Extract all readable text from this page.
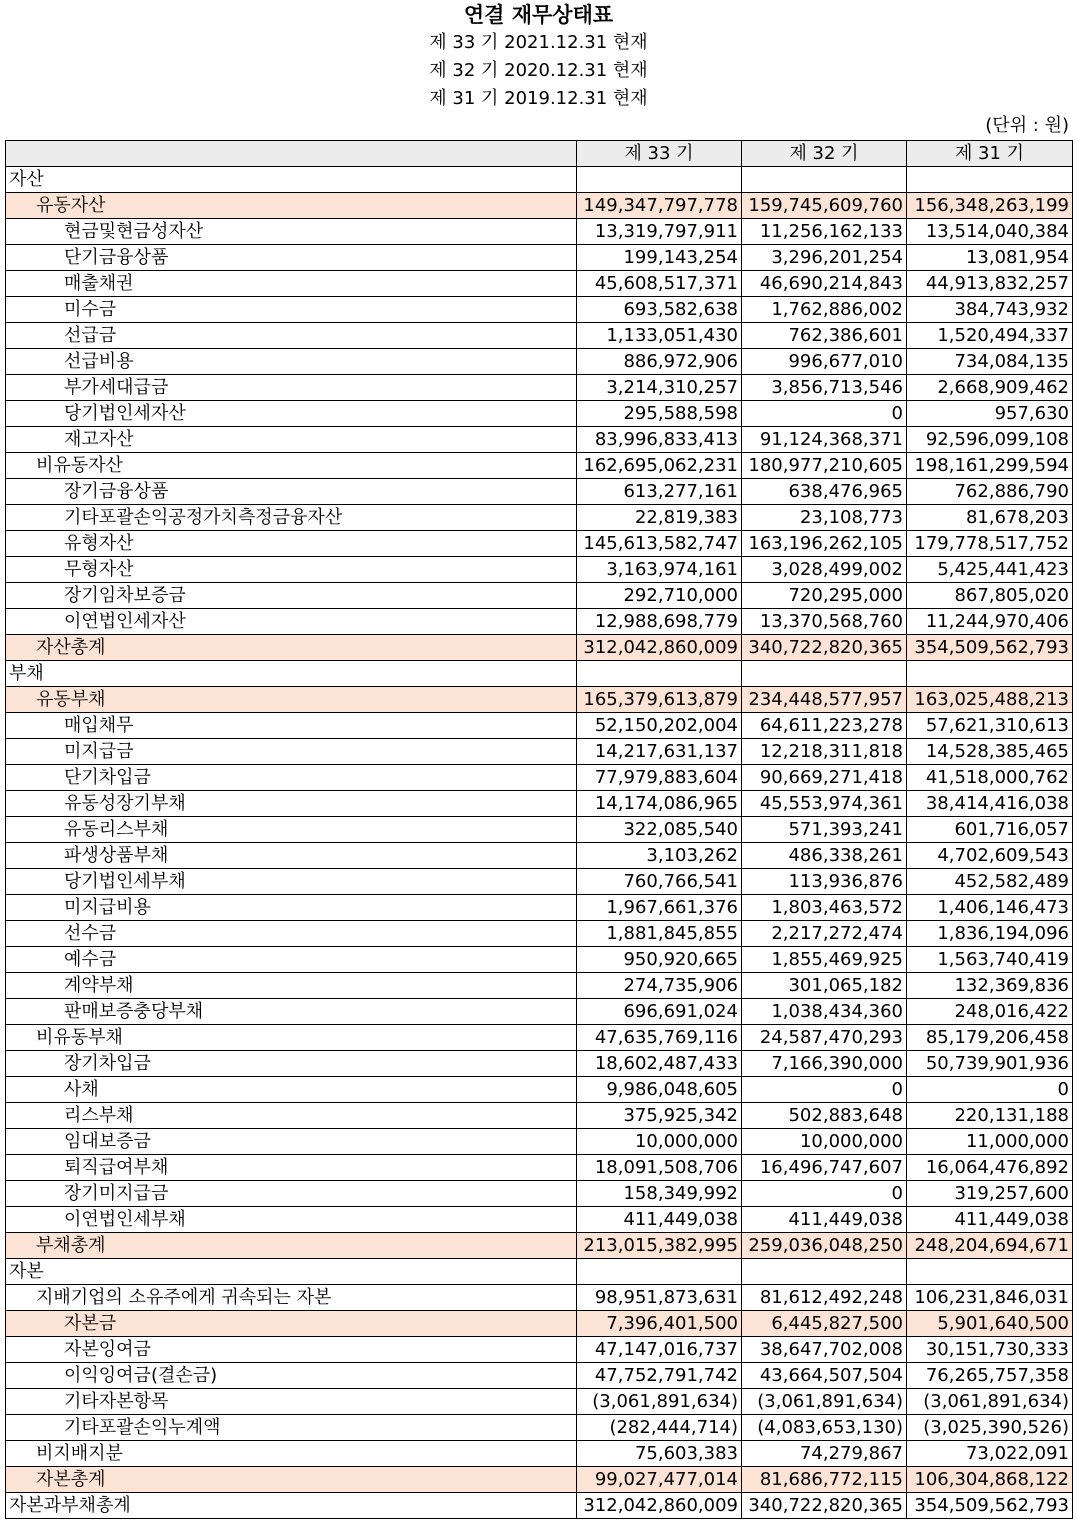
연결 재무상태표
제 33 기 2021.12.31 현재
제 32 기 2020.12.31 현재
제 31 기 2019.12.31 현재
(단위 : 원)
	제 33 기	제 32 기	제 31 기
자산			
유동자산	149,347,797,778	159,745,609,760	156,348,263,199
현금및현금성자산	13,319,797,911	11,256,162,133	13,514,040,384
단기금융상품	199,143,254	3,296,201,254	13,081,954
매출채권	45,608,517,371	46,690,214,843	44,913,832,257
미수금	693,582,638	1,762,886,002	384,743,932
선급금	1,133,051,430	762,386,601	1,520,494,337
선급비용	886,972,906	996,677,010	734,084,135
부가세대급금	3,214,310,257	3,856,713,546	2,668,909,462
당기법인세자산	295,588,598	0	957,630
재고자산	83,996,833,413	91,124,368,371	92,596,099,108
비유동자산	162,695,062,231	180,977,210,605	198,161,299,594
장기금융상품	613,277,161	638,476,965	762,886,790
기타포괄손익공정가치측정금융자산	22,819,383	23,108,773	81,678,203
유형자산	145,613,582,747	163,196,262,105	179,778,517,752
무형자산	3,163,974,161	3,028,499,002	5,425,441,423
장기임차보증금	292,710,000	720,295,000	867,805,020
이연법인세자산	12,988,698,779	13,370,568,760	11,244,970,406
자산총계	312,042,860,009	340,722,820,365	354,509,562,793
부채			
유동부채	165,379,613,879	234,448,577,957	163,025,488,213
매입채무	52,150,202,004	64,611,223,278	57,621,310,613
미지급금	14,217,631,137	12,218,311,818	14,528,385,465
단기차입금	77,979,883,604	90,669,271,418	41,518,000,762
유동성장기부채	14,174,086,965	45,553,974,361	38,414,416,038
유동리스부채	322,085,540	571,393,241	601,716,057
파생상품부채	3,103,262	486,338,261	4,702,609,543
당기법인세부채	760,766,541	113,936,876	452,582,489
미지급비용	1,967,661,376	1,803,463,572	1,406,146,473
선수금	1,881,845,855	2,217,272,474	1,836,194,096
예수금	950,920,665	1,855,469,925	1,563,740,419
계약부채	274,735,906	301,065,182	132,369,836
판매보증충당부채	696,691,024	1,038,434,360	248,016,422
비유동부채	47,635,769,116	24,587,470,293	85,179,206,458
장기차입금	18,602,487,433	7,166,390,000	50,739,901,936
사채	9,986,048,605	0	0
리스부채	375,925,342	502,883,648	220,131,188
임대보증금	10,000,000	10,000,000	11,000,000
퇴직급여부채	18,091,508,706	16,496,747,607	16,064,476,892
장기미지급금	158,349,992	0	319,257,600
이연법인세부채	411,449,038	411,449,038	411,449,038
부채총계	213,015,382,995	259,036,048,250	248,204,694,671
자본			
지배기업의 소유주에게 귀속되는 자본	98,951,873,631	81,612,492,248	106,231,846,031
자본금	7,396,401,500	6,445,827,500	5,901,640,500
자본잉여금	47,147,016,737	38,647,702,008	30,151,730,333
이익잉여금(결손금)	47,752,791,742	43,664,507,504	76,265,757,358
기타자본항목	(3,061,891,634)	(3,061,891,634)	(3,061,891,634)
기타포괄손익누계액	(282,444,714)	(4,083,653,130)	(3,025,390,526)
비지배지분	75,603,383	74,279,867	73,022,091
자본총계	99,027,477,014	81,686,772,115	106,304,868,122
자본과부채총계	312,042,860,009	340,722,820,365	354,509,562,793
